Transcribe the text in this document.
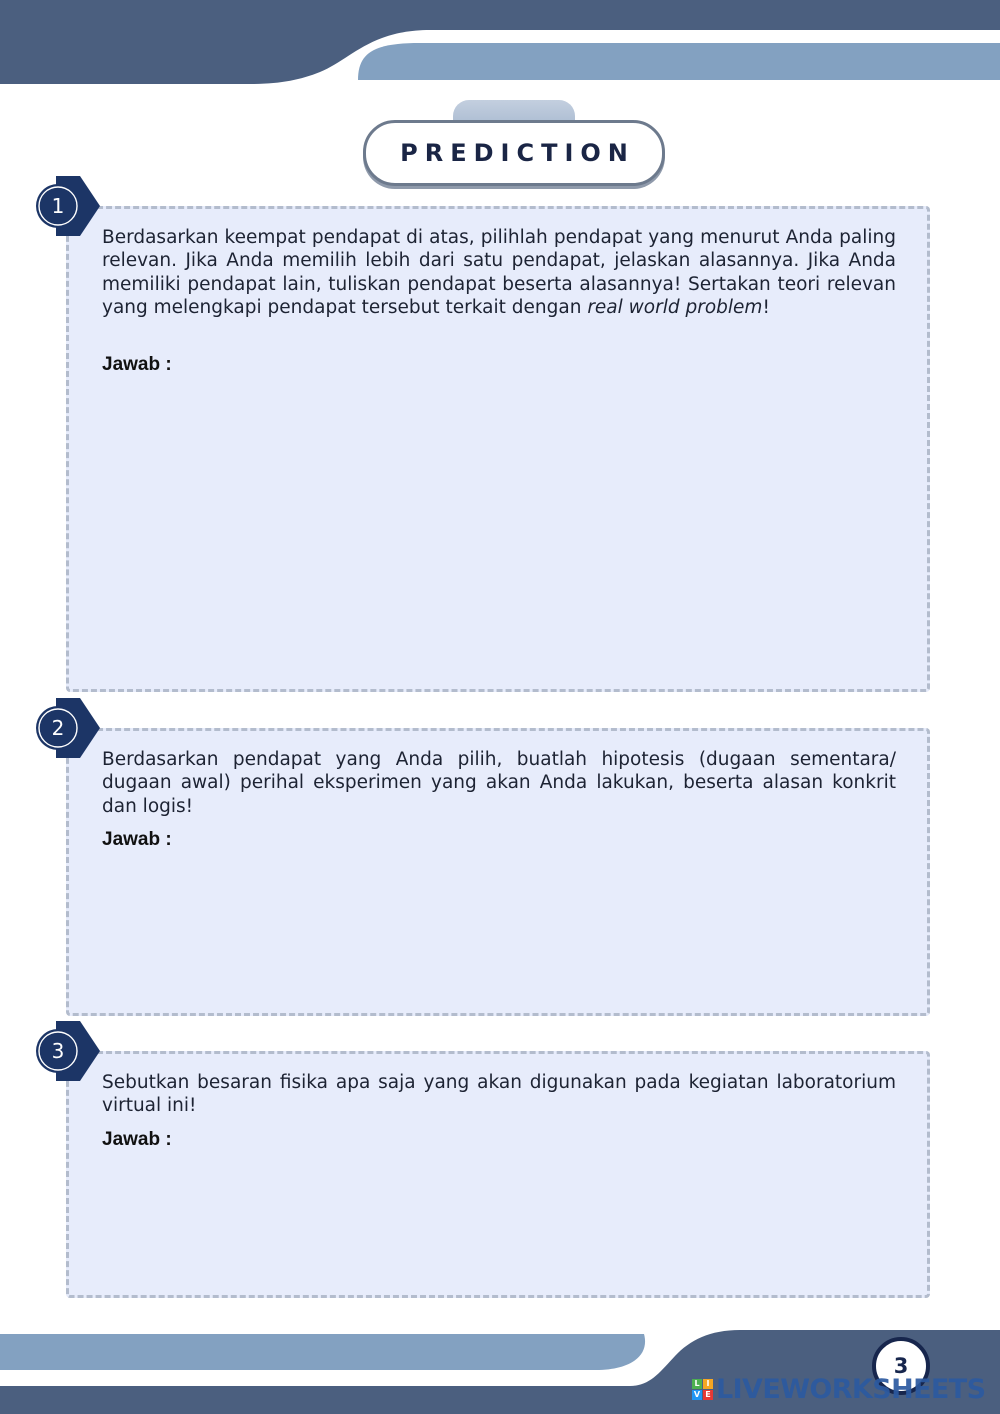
PREDICTION
Berdasarkan keempat pendapat di atas, pilihlah pendapat yang menurut Anda paling relevan. Jika Anda memilih lebih dari satu pendapat, jelaskan alasannya. Jika Anda memiliki pendapat lain, tuliskan pendapat beserta alasannya! Sertakan teori relevan yang melengkapi pendapat tersebut terkait dengan real world problem!
Jawab :
Berdasarkan pendapat yang Anda pilih, buatlah hipotesis (dugaan sementara/ dugaan awal) perihal eksperimen yang akan Anda lakukan, beserta alasan konkrit dan logis!
Jawab :
Sebutkan besaran fisika apa saja yang akan digunakan pada kegiatan laboratorium virtual ini!
Jawab :
1
2
3
3
L I
V E LIVEWORKSHEETS
